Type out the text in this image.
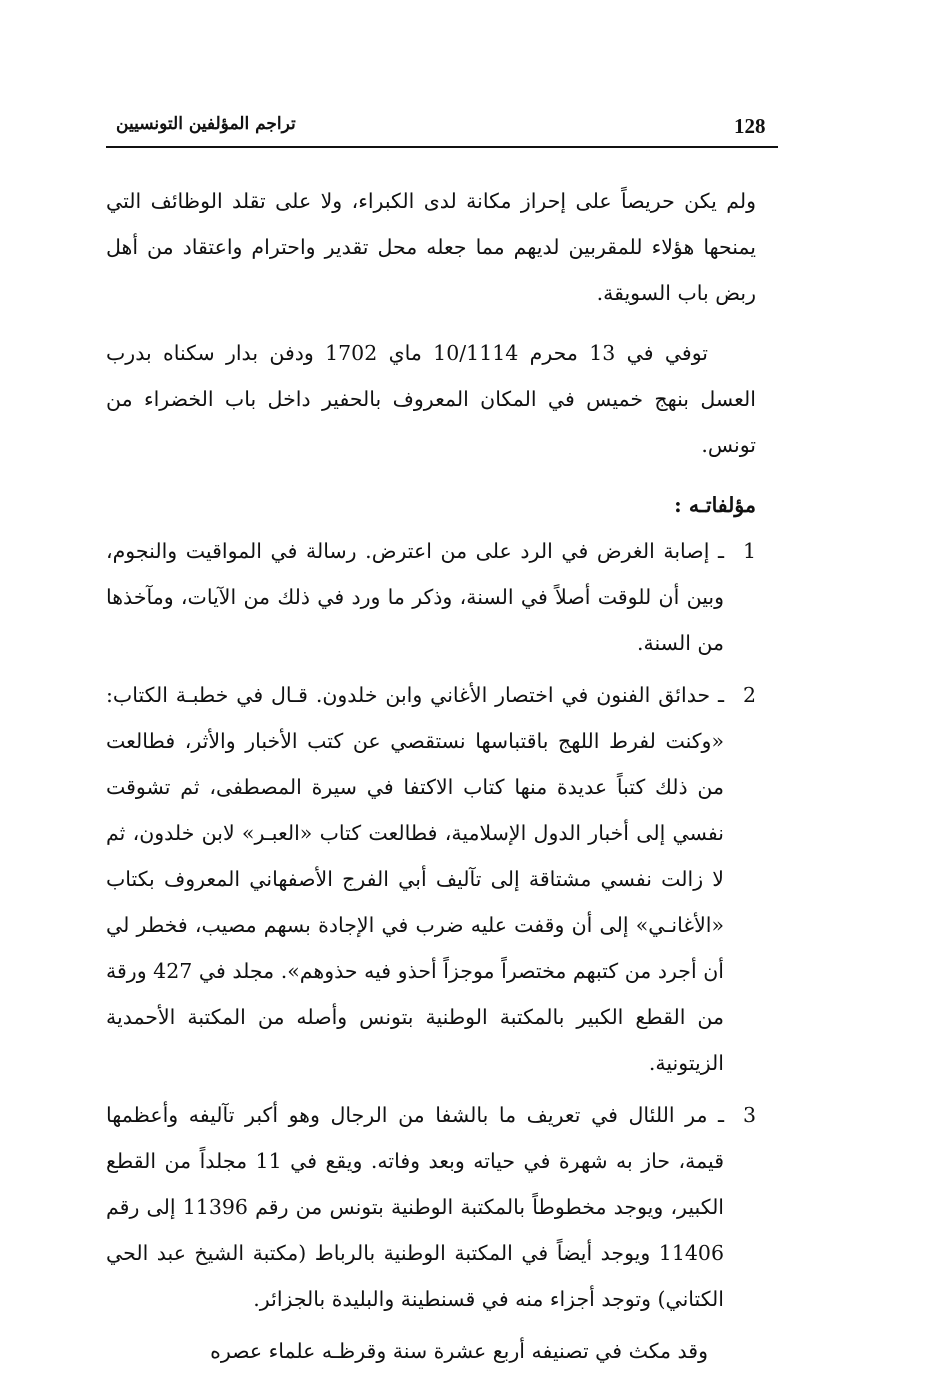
128
تراجم المؤلفين التونسيين

ولم يكن حريصاً على إحراز مكانة لدى الكبراء، ولا على تقلد الوظائف التي يمنحها هؤلاء للمقربين لديهم مما جعله محل تقدير واحترام واعتقاد من أهل ربض باب السويقة.

توفي في 13 محرم 10/1114 ماي 1702 ودفن بدار سكناه بدرب العسل بنهج خميس في المكان المعروف بالحفير داخل باب الخضراء من تونس.

مؤلفاتـه :

1
ـ إصابة الغرض في الرد على من اعترض. رسالة في المواقيت والنجوم، وبين أن للوقت أصلاً في السنة، وذكر ما ورد في ذلك من الآيات، ومآخذها من السنة.
2
ـ حدائق الفنون في اختصار الأغاني وابن خلدون. قـال في خطبـة الكتاب: «وكنت لفرط اللهج باقتباسها نستقصي عن كتب الأخبار والأثر، فطالعت من ذلك كتباً عديدة منها كتاب الاكتفا في سيرة المصطفى، ثم تشوقت نفسي إلى أخبار الدول الإسلامية، فطالعت كتاب «العبـر» لابن خلدون، ثم لا زالت نفسي مشتاقة إلى تآليف أبي الفرج الأصفهاني المعروف بكتاب «الأغانـي» إلى أن وقفت عليه ضرب في الإجادة بسهم مصيب، فخطر لي أن أجرد من كتبهم مختصراً موجزاً أحذو فيه حذوهم». مجلد في 427 ورقة من القطع الكبير بالمكتبة الوطنية بتونس وأصله من المكتبة الأحمدية الزيتونية.
3
ـ مر اللئال في تعريف ما بالشفا من الرجال وهو أكبر تآليفه وأعظمها قيمة، حاز به شهرة في حياته وبعد وفاته. ويقع في 11 مجلداً من القطع الكبير، ويوجد مخطوطاً بالمكتبة الوطنية بتونس من رقم 11396 إلى رقم 11406 ويوجد أيضاً في المكتبة الوطنية بالرباط (مكتبة الشيخ عبد الحي الكتاني) وتوجد أجزاء منه في قسنطينة والبليدة بالجزائر.

وقد مكث في تصنيفه أربع عشرة سنة وقرظـه علماء عصره
